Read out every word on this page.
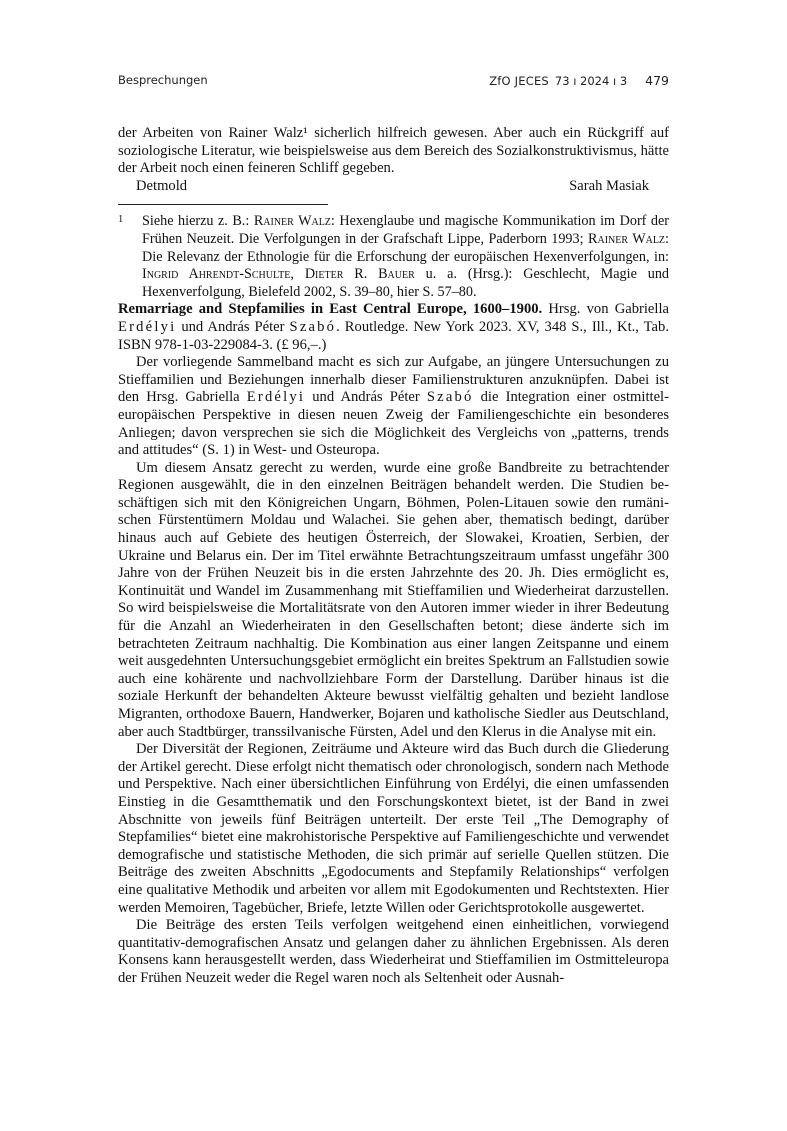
Besprechungen	ZfO JECES 73 ı 2024 ı 3 479

der Arbeiten von Rainer Walz¹ sicherlich hilfreich gewesen. Aber auch ein Rückgriff auf soziologische Literatur, wie beispielsweise aus dem Bereich des Sozialkonstruktivismus, hätte der Arbeit noch einen feineren Schliff gegeben.

Detmold	Sarah Masiak
1	Siehe hierzu z. B.: Rainer Walz: Hexenglaube und magische Kommunikation im Dorf der Frühen Neuzeit. Die Verfolgungen in der Grafschaft Lippe, Paderborn 1993; Rainer Walz: Die Relevanz der Ethnologie für die Erforschung der europäischen Hexenverfolgungen, in: Ingrid Ahrendt-Schulte, Dieter R. Bauer u. a. (Hrsg.): Geschlecht, Magie und Hexenverfolgung, Bielefeld 2002, S. 39–80, hier S. 57–80.

Remarriage and Stepfamilies in East Central Europe, 1600–1900. Hrsg. von Gabriella Erdélyi und András Péter Szabó. Routledge. New York 2023. XV, 348 S., Ill., Kt., Tab. ISBN 978-1-03-229084-3. (£ 96,–.)

Der vorliegende Sammelband macht es sich zur Aufgabe, an jüngere Untersuchungen zu Stieffamilien und Beziehungen innerhalb dieser Familienstrukturen anzuknüpfen. Dabei ist den Hrsg. Gabriella Erdélyi und András Péter Szabó die Integration einer ostmitteleuropäischen Perspektive in diesen neuen Zweig der Familiengeschichte ein besonderes Anliegen; davon versprechen sie sich die Möglichkeit des Vergleichs von „patterns, trends and attitudes“ (S. 1) in West- und Osteuropa.

Um diesem Ansatz gerecht zu werden, wurde eine große Bandbreite zu betrachtender Regionen ausgewählt, die in den einzelnen Beiträgen behandelt werden. Die Studien beschäftigen sich mit den Königreichen Ungarn, Böhmen, Polen-Litauen sowie den rumänischen Fürstentümern Moldau und Walachei. Sie gehen aber, thematisch bedingt, darüber hinaus auch auf Gebiete des heutigen Österreich, der Slowakei, Kroatien, Serbien, der Ukraine und Belarus ein. Der im Titel erwähnte Betrachtungszeitraum umfasst ungefähr 300 Jahre von der Frühen Neuzeit bis in die ersten Jahrzehnte des 20. Jh. Dies ermöglicht es, Kontinuität und Wandel im Zusammenhang mit Stieffamilien und Wiederheirat darzustellen. So wird beispielsweise die Mortalitätsrate von den Autoren immer wieder in ihrer Bedeutung für die Anzahl an Wiederheiraten in den Gesellschaften betont; diese änderte sich im betrachteten Zeitraum nachhaltig. Die Kombination aus einer langen Zeitspanne und einem weit ausgedehnten Untersuchungsgebiet ermöglicht ein breites Spektrum an Fallstudien sowie auch eine kohärente und nachvollziehbare Form der Darstellung. Darüber hinaus ist die soziale Herkunft der behandelten Akteure bewusst vielfältig gehalten und bezieht landlose Migranten, orthodoxe Bauern, Handwerker, Bojaren und katholische Siedler aus Deutschland, aber auch Stadtbürger, transsilvanische Fürsten, Adel und den Klerus in die Analyse mit ein.

Der Diversität der Regionen, Zeiträume und Akteure wird das Buch durch die Gliederung der Artikel gerecht. Diese erfolgt nicht thematisch oder chronologisch, sondern nach Methode und Perspektive. Nach einer übersichtlichen Einführung von Erdélyi, die einen umfassenden Einstieg in die Gesamtthematik und den Forschungskontext bietet, ist der Band in zwei Abschnitte von jeweils fünf Beiträgen unterteilt. Der erste Teil „The Demography of Stepfamilies“ bietet eine makrohistorische Perspektive auf Familiengeschichte und verwendet demografische und statistische Methoden, die sich primär auf serielle Quellen stützen. Die Beiträge des zweiten Abschnitts „Egodocuments and Stepfamily Relationships“ verfolgen eine qualitative Methodik und arbeiten vor allem mit Egodokumenten und Rechtstexten. Hier werden Memoiren, Tagebücher, Briefe, letzte Willen oder Gerichtsprotokolle ausgewertet.

Die Beiträge des ersten Teils verfolgen weitgehend einen einheitlichen, vorwiegend quantitativ-demografischen Ansatz und gelangen daher zu ähnlichen Ergebnissen. Als deren Konsens kann herausgestellt werden, dass Wiederheirat und Stieffamilien im Ostmitteleuropa der Frühen Neuzeit weder die Regel waren noch als Seltenheit oder Ausnah-
